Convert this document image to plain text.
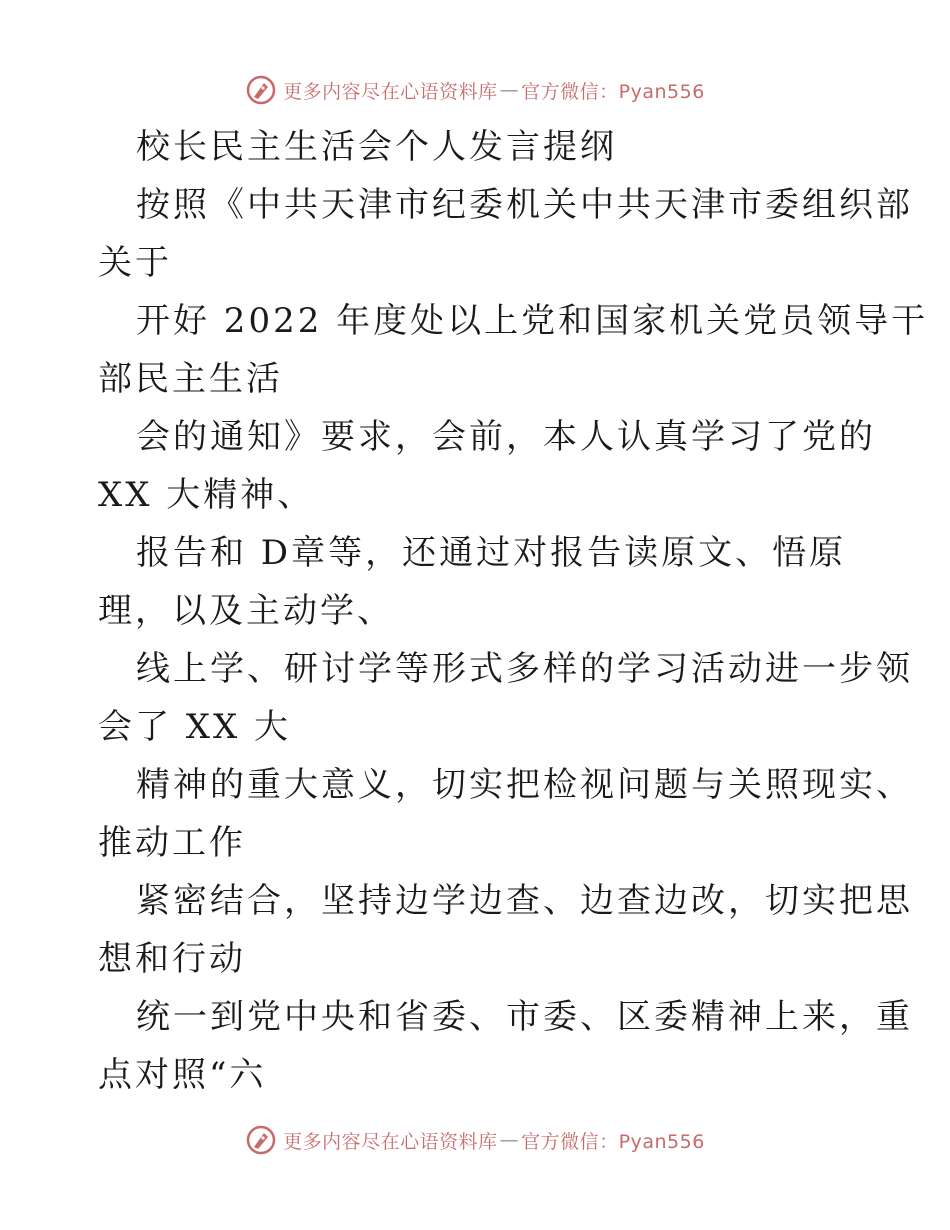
更多内容尽在心语资料库 — 官方微信：Pyan556
校长民主生活会个人发言提纲
按照《中共天津市纪委机关中共天津市委组织部
关于
开好 2022 年度处以上党和国家机关党员领导干
部民主生活
会的通知》要求，会前，本人认真学习了党的
XX 大精神、
报告和 D章等，还通过对报告读原文、悟原
理，以及主动学、
线上学、研讨学等形式多样的学习活动进一步领
会了 XX 大
精神的重大意义，切实把检视问题与关照现实、
推动工作
紧密结合，坚持边学边查、边查边改，切实把思
想和行动
统一到党中央和省委、市委、区委精神上来，重
点对照“六
更多内容尽在心语资料库 — 官方微信：Pyan556
